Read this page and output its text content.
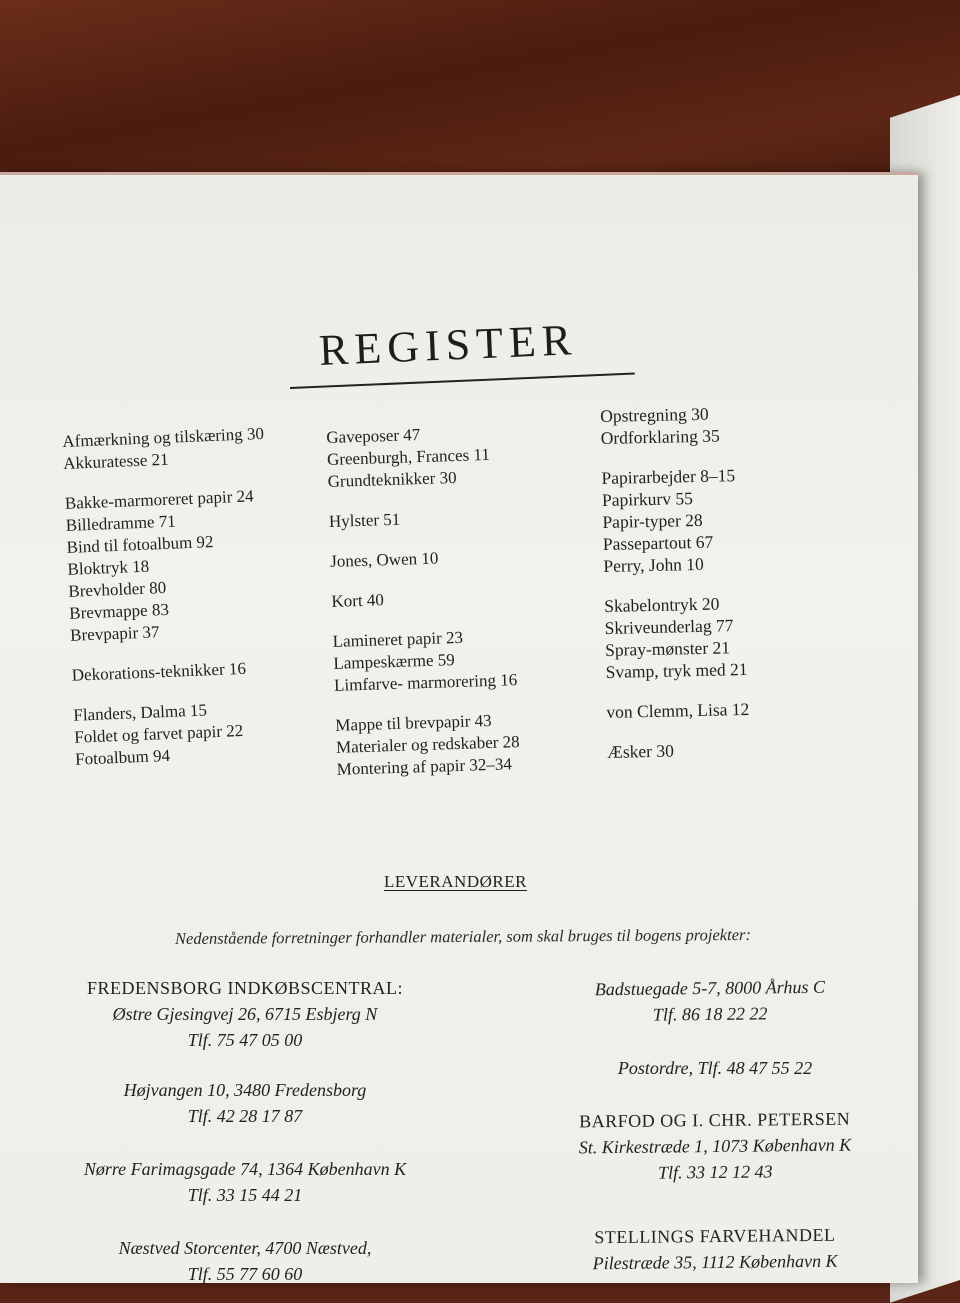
REGISTER
Afmærkning og tilskæring 30
Akkuratesse 21
Bakke-marmoreret papir 24
Billedramme 71
Bind til fotoalbum 92
Bloktryk 18
Brevholder 80
Brevmappe 83
Brevpapir 37
Dekorations-teknikker 16
Flanders, Dalma 15
Foldet og farvet papir 22
Fotoalbum 94
Gaveposer 47
Greenburgh, Frances 11
Grundteknikker 30
Hylster 51
Jones, Owen 10
Kort 40
Lamineret papir 23
Lampeskærme 59
Limfarve- marmorering 16
Mappe til brevpapir 43
Materialer og redskaber 28
Montering af papir 32–34
Opstregning 30
Ordforklaring 35
Papirarbejder 8–15
Papirkurv 55
Papir-typer 28
Passepartout 67
Perry, John 10
Skabelontryk 20
Skriveunderlag 77
Spray-mønster 21
Svamp, tryk med 21
von Clemm, Lisa 12
Æsker 30
LEVERANDØRER
Nedenstående forretninger forhandler materialer, som skal bruges til bogens projekter:
FREDENSBORG INDKØBSCENTRAL:
Østre Gjesingvej 26, 6715 Esbjerg N
Tlf. 75 47 05 00
Højvangen 10, 3480 Fredensborg
Tlf. 42 28 17 87
Nørre Farimagsgade 74, 1364 København K
Tlf. 33 15 44 21
Næstved Storcenter, 4700 Næstved,
Tlf. 55 77 60 60
Badstuegade 5-7, 8000 Århus C
Tlf. 86 18 22 22
Postordre, Tlf. 48 47 55 22
BARFOD OG I. CHR. PETERSEN
St. Kirkestræde 1, 1073 København K
Tlf. 33 12 12 43
STELLINGS FARVEHANDEL
Pilestræde 35, 1112 København K
